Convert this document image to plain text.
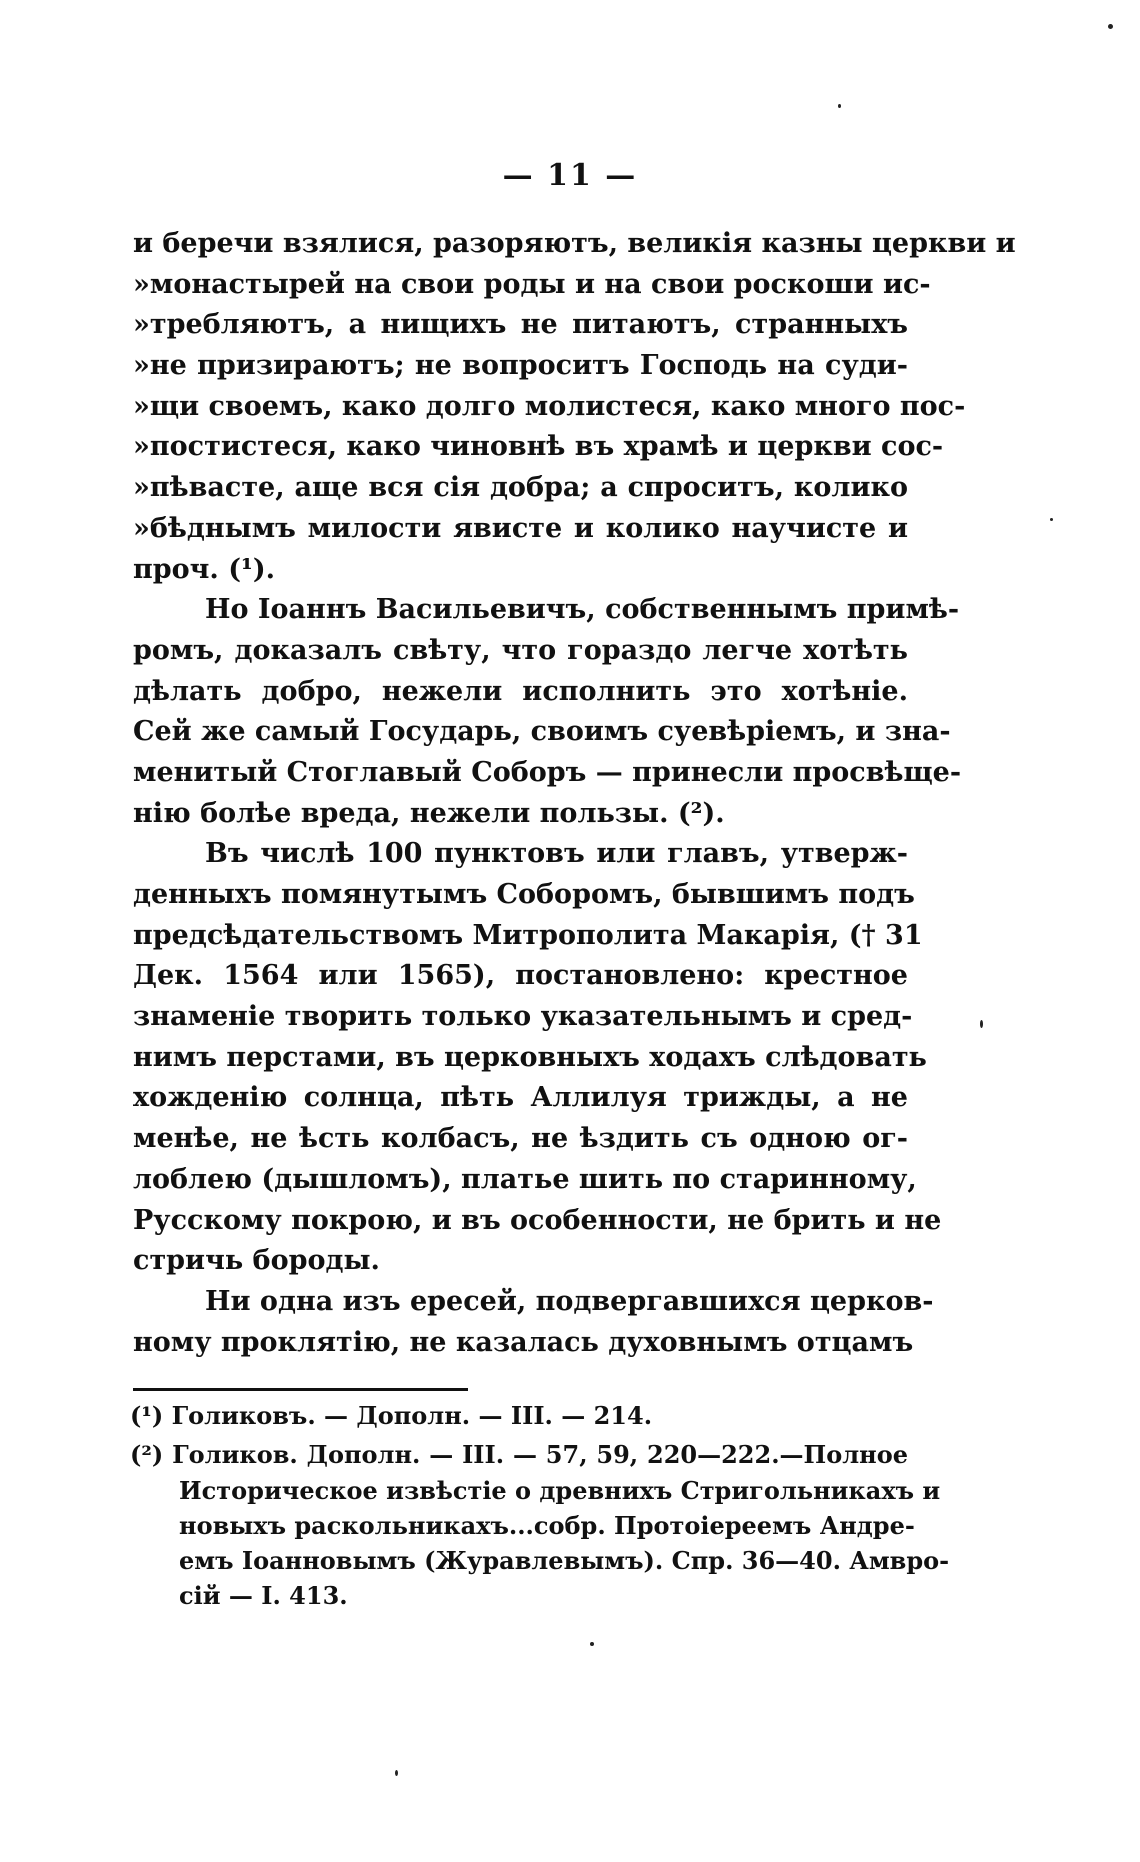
— 11 —
и беречи взялися, разоряютъ, великія казны церкви и
»монастырей на свои роды и на свои роскоши ис-
»требляютъ, а нищихъ не питаютъ, странныхъ
»не призираютъ; не вопроситъ Господь на суди-
»щи своемъ, како долго молистеся, како много пос-
»постистеся, како чиновнѣ въ храмѣ и церкви сос-
»пѣвасте, аще вся сія добра; а спроситъ, колико
»бѣднымъ милости явисте и колико научисте и
проч. (¹).
Но Іоаннъ Васильевичъ, собственнымъ примѣ-
ромъ, доказалъ свѣту, что гораздо легче хотѣть
дѣлать добро, нежели исполнить это хотѣніе.
Сей же самый Государь, своимъ суевѣріемъ, и зна-
менитый Стоглавый Соборъ — принесли просвѣще-
нію болѣе вреда, нежели пользы. (²).
Въ числѣ 100 пунктовъ или главъ, утверж-
денныхъ помянутымъ Соборомъ, бывшимъ подъ
предсѣдательствомъ Митрополита Макарія, († 31
Дек. 1564 или 1565), постановлено: крестное
знаменіе творить только указательнымъ и сред-
нимъ перстами, въ церковныхъ ходахъ слѣдовать
хожденію солнца, пѣть Аллилуя трижды, а не
менѣе, не ѣсть колбасъ, не ѣздить съ одною ог-
лоблею (дышломъ), платье шить по старинному,
Русскому покрою, и въ особенности, не брить и не
стричь бороды.
Ни одна изъ ересей, подвергавшихся церков-
ному проклятію, не казалась духовнымъ отцамъ
(¹) Голиковъ. — Дополн. — III. — 214.
(²) Голиков. Дополн. — III. — 57, 59, 220—222.—Полное
Историческое извѣстіе о древнихъ Стригольникахъ и
новыхъ раскольникахъ...собр. Протоіереемъ Андре-
емъ Іоанновымъ (Журавлевымъ). Спр. 36—40. Амвро-
сій — I. 413.
